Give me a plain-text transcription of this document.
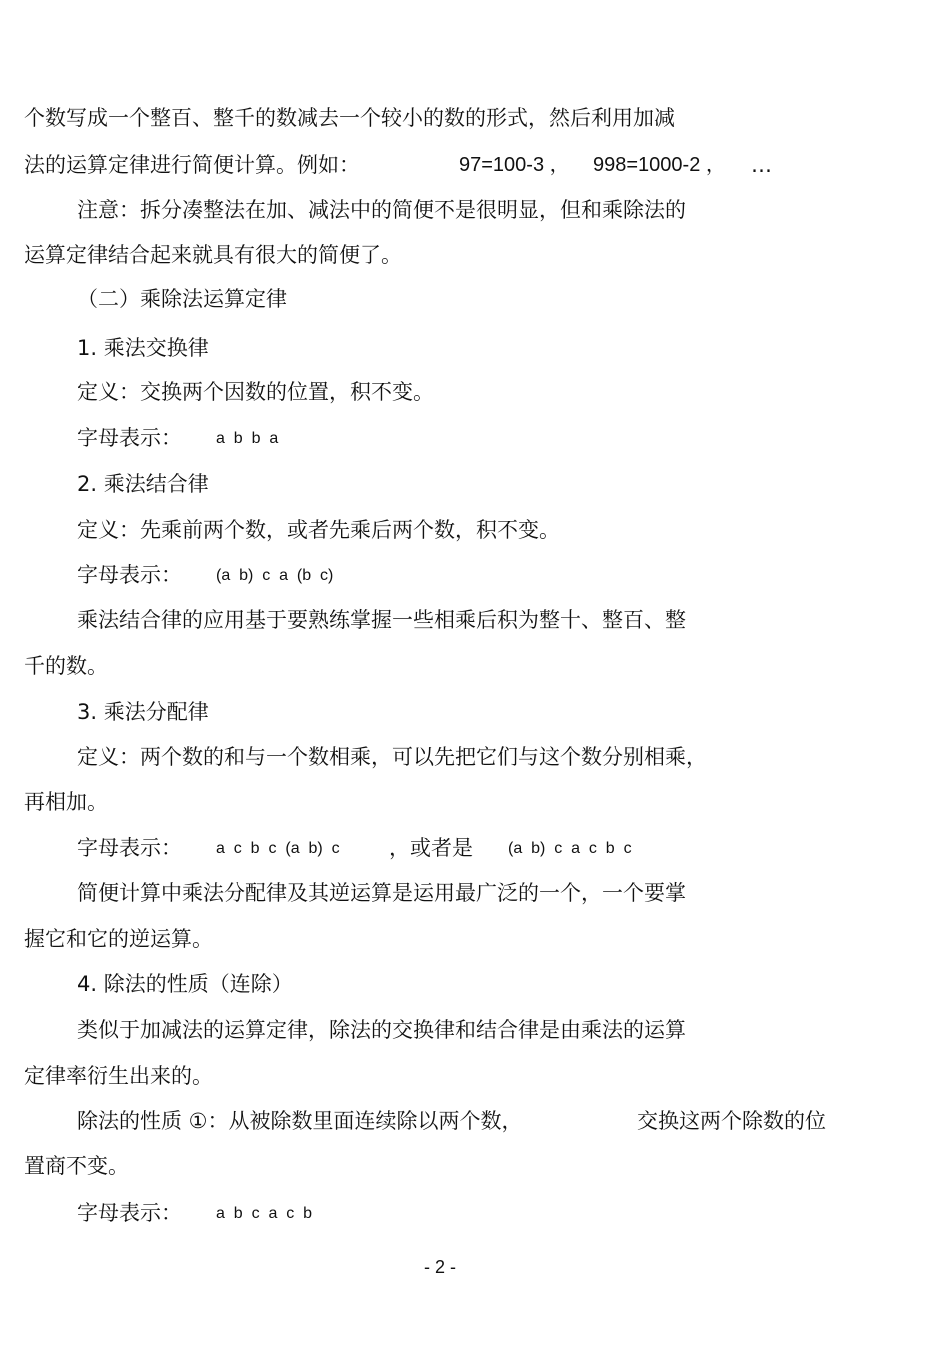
个数写成一个整百、整千的数减去一个较小的数的形式，然后利用加减
法的运算定律进行简便计算。例如：	97=100-3 ， 998=1000-2 ， …
注意：拆分凑整法在加、减法中的简便不是很明显，但和乘除法的
运算定律结合起来就具有很大的简便了。
（二）乘除法运算定律
1. 乘法交换律
定义：交换两个因数的位置，积不变。
字母表示： a  b  b  a
2. 乘法结合律
定义：先乘前两个数，或者先乘后两个数，积不变。
字母表示： (a  b)  c  a  (b  c)
乘法结合律的应用基于要熟练掌握一些相乘后积为整十、整百、整
千的数。
3. 乘法分配律
定义：两个数的和与一个数相乘，可以先把它们与这个数分别相乘，
再相加。
字母表示： a  c  b  c  (a  b)  c ，或者是 (a  b)  c  a  c  b  c
简便计算中乘法分配律及其逆运算是运用最广泛的一个，一个要掌
握它和它的逆运算。
4. 除法的性质（连除）
类似于加减法的运算定律，除法的交换律和结合律是由乘法的运算
定律率衍生出来的。
除法的性质 ①：从被除数里面连续除以两个数，	交换这两个除数的位
置商不变。
字母表示： a  b  c  a  c  b
- 2 -
